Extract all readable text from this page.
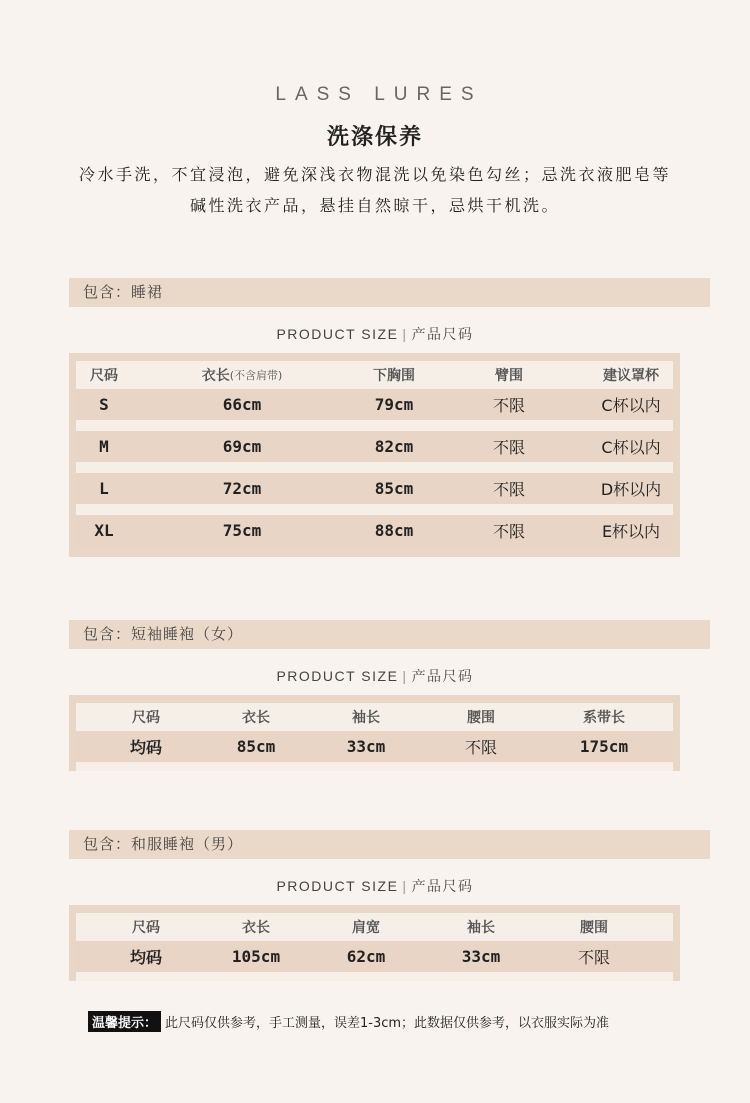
LASS LURES
洗涤保养
冷水手洗，不宜浸泡，避免深浅衣物混洗以免染色勾丝；忌洗衣液肥皂等
碱性洗衣产品，悬挂自然晾干，忌烘干机洗。
包含：睡裙
PRODUCT SIZE | 产品尺码
尺码	衣长 (不含肩带)	下胸围	臂围	建议罩杯
S	66cm	79cm	不限	C杯以内
M	69cm	82cm	不限	C杯以内
L	72cm	85cm	不限	D杯以内
XL	75cm	88cm	不限	E杯以内
包含：短袖睡袍（女）
PRODUCT SIZE | 产品尺码
尺码	衣长	袖长	腰围	系带长
均码	85cm	33cm	不限	175cm
包含：和服睡袍（男）
PRODUCT SIZE | 产品尺码
尺码	衣长	肩宽	袖长	腰围
均码	105cm	62cm	33cm	不限
温馨提示： 此尺码仅供参考，手工测量，误差1-3cm；此数据仅供参考，以衣服实际为准
